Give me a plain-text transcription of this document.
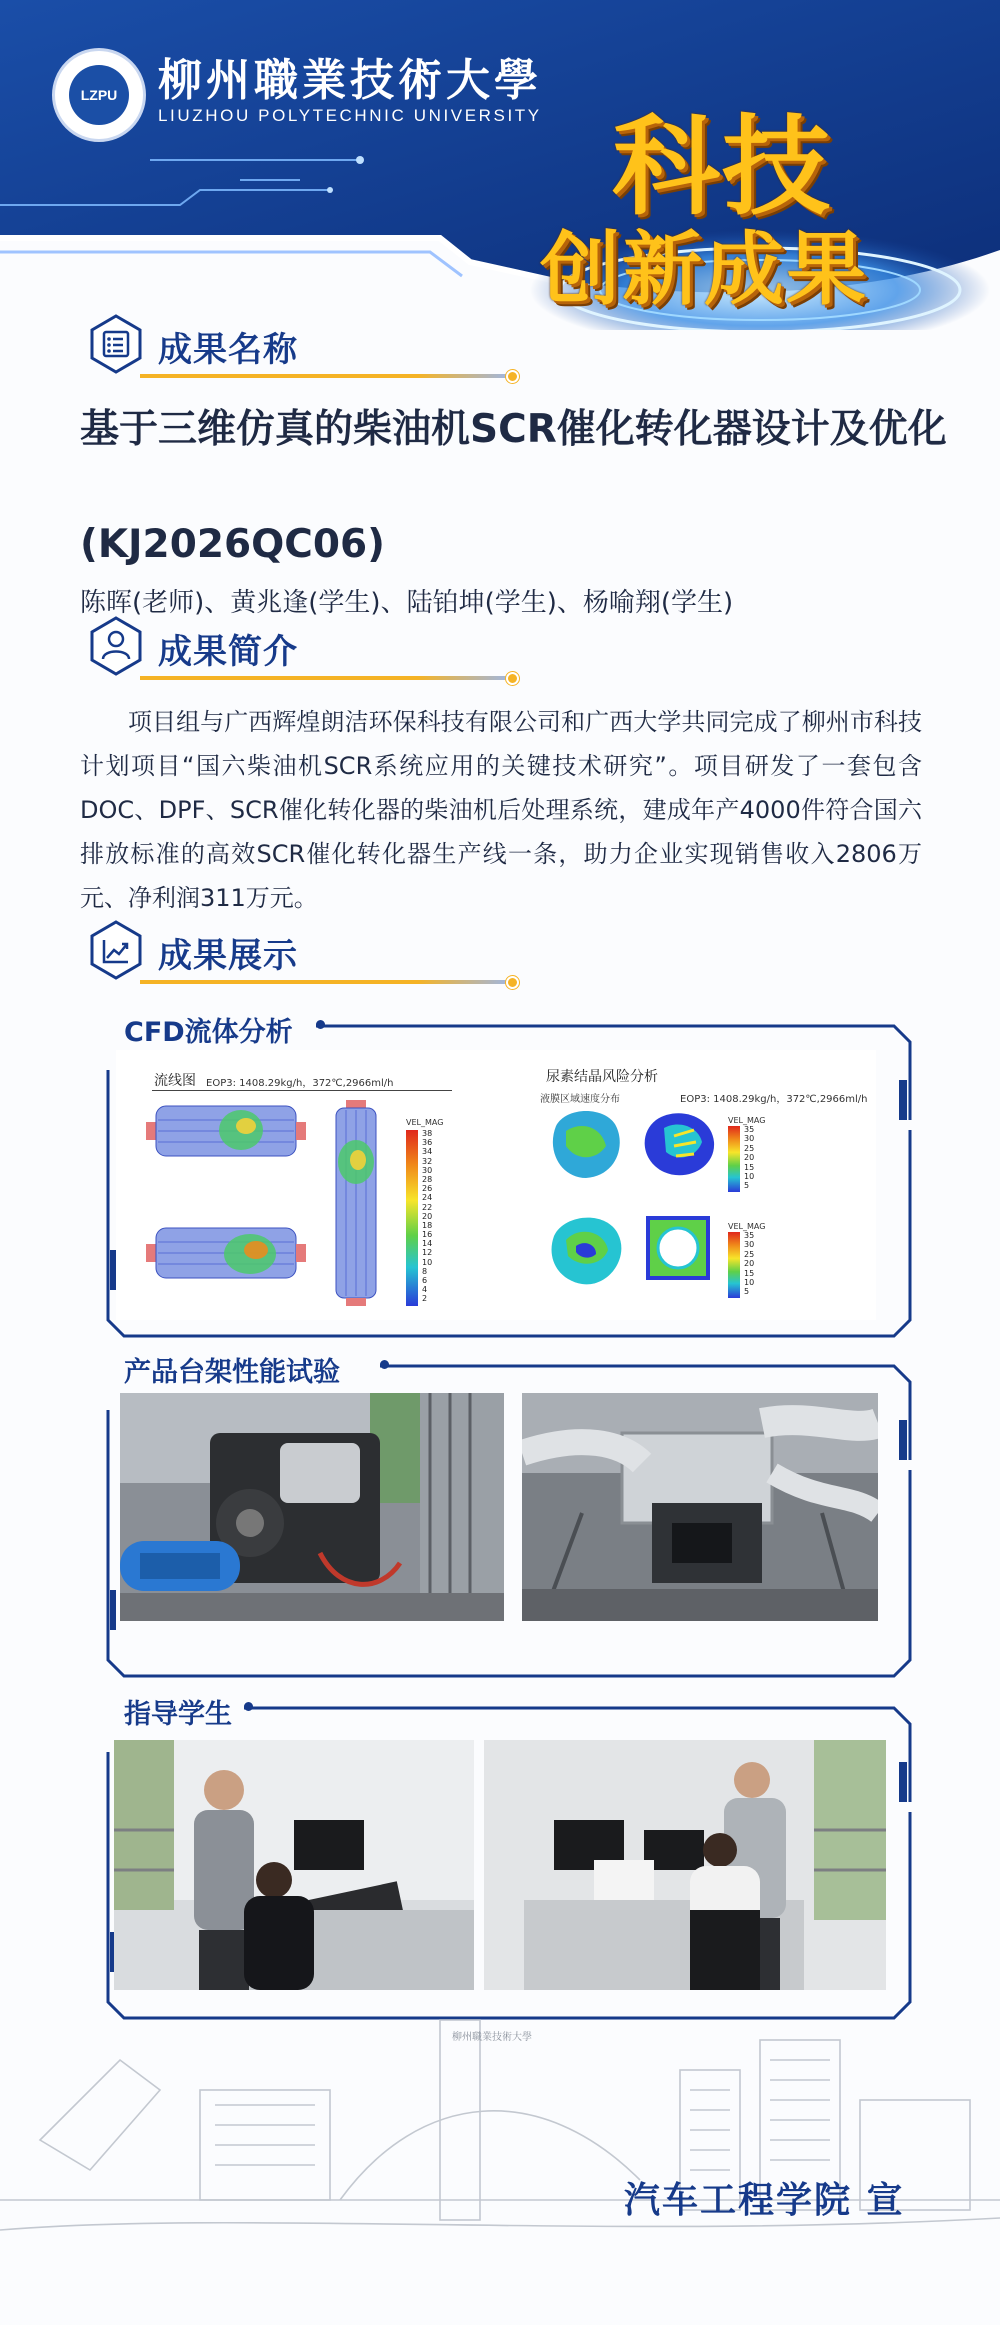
LZPU 柳州職業技術大學
LIUZHOU POLYTECHNIC UNIVERSITY 科技
创新成果
成果名称
基于三维仿真的柴油机SCR催化转化器设计及优化
(KJ2026QC06)
陈晖(老师)、黄兆逢(学生)、陆铂坤(学生)、杨喻翔(学生)
成果简介
项目组与广西辉煌朗洁环保科技有限公司和广西大学共同完成了柳州市科技计划项目“国六柴油机SCR系统应用的关键技术研究”。项目研发了一套包含DOC、DPF、SCR催化转化器的柴油机后处理系统，建成年产4000件符合国六排放标准的高效SCR催化转化器生产线一条，助力企业实现销售收入2806万元、净利润311万元。
成果展示
CFD流体分析
流线图 EOP3: 1408.29kg/h，372℃,2966ml/h	尿素结晶风险分析
液膜区域速度分布	EOP3: 1408.29kg/h，372℃,2966ml/h
VEL_MAG
38
36
34
32
30
28
26
24
22
20
18
16
14
12
10
8
6
4
2
VEL_MAG
35
30
25
20
15
10
5
VEL_MAG
35
30
25
20
15
10
5
产品台架性能试验
指导学生
柳州職業技術大學
汽车工程学院 宣
